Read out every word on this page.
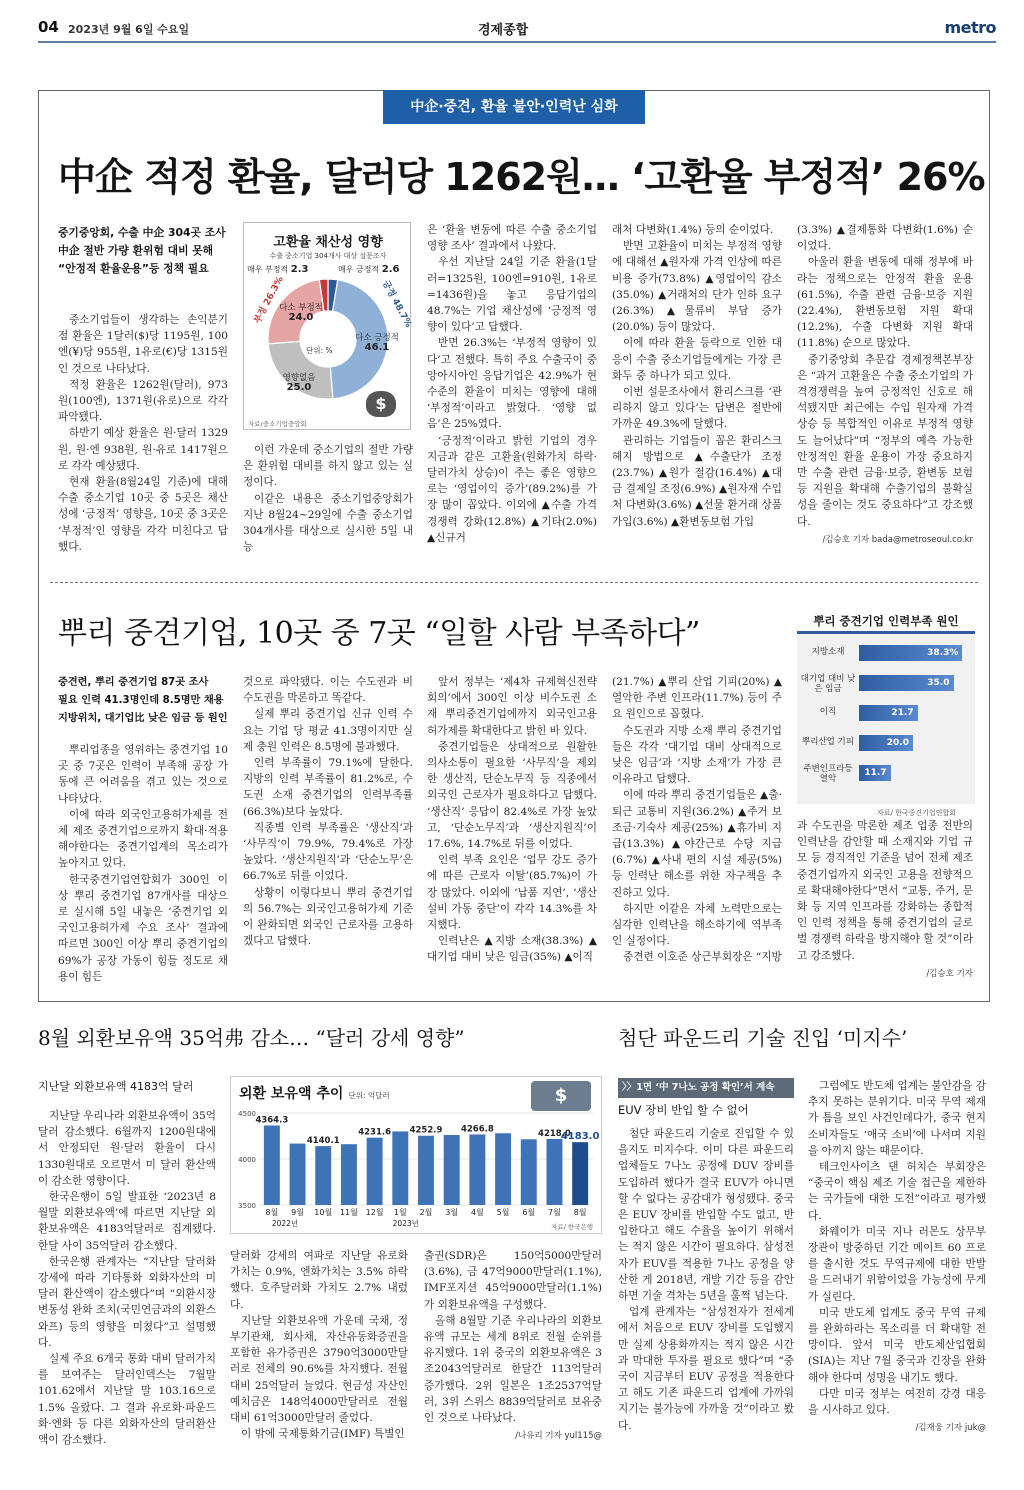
04 2023년 9월 6일 수요일	경제종합	metro
中企·중견, 환율 불안·인력난 심화
中企 적정 환율, 달러당 1262원… ‘고환율 부정적’ 26%
중기중앙회, 수출 中企 304곳 조사
中企 절반 가량 환위험 대비 못해
“안정적 환율운용”등 정책 필요

중소기업들이 생각하는 손익분기점 환율은 1달러($)당 1195원, 100엔(¥)당 955원, 1유로(€)당 1315원인 것으로 나타났다.

적정 환율은 1262원(달러), 973원(100엔), 1371원(유로)으로 각각 파악됐다.

하반기 예상 환율은 원·달러 1329원, 원·엔 938원, 원·유로 1417원으로 각각 예상됐다.

현재 환율(8월24일 기준)에 대해 수출 중소기업 10곳 중 5곳은 채산성에 ‘긍정적’ 영향을, 10곳 중 3곳은 ‘부정적’인 영향을 각각 미친다고 답했다.

고환율 채산성 영향
수출 중소기업 304개사 대상 설문조사
매우 부정적 2.3	매우 긍정적 2.6
다소 부정적
24.0
다소 긍정적
46.1
영향없음
25.0
단위: %
부정 26.3%	긍정 48.7%
$
자료/중소기업중앙회

이런 가운데 중소기업의 절반 가량은 환위험 대비를 하지 않고 있는 실정이다.

이같은 내용은 중소기업중앙회가 지난 8월24~29일에 수출 중소기업 304개사를 대상으로 실시한 5일 내능

은 ‘환율 변동에 따른 수출 중소기업 영향 조사’ 결과에서 나왔다.

우선 지난달 24일 기준 환율(1달러=1325원, 100엔=910원, 1유로=1436원)을 놓고 응답기업의 48.7%는 기업 채산성에 ‘긍정적 영향이 있다’고 답했다.

반면 26.3%는 ‘부정적 영향이 있다’고 전했다. 특히 주요 수출국이 중앙아시아인 응답기업은 42.9%가 현 수준의 환율이 미치는 영향에 대해 ‘부정적’이라고 밝혔다. ‘영향 없음’은 25%였다.

‘긍정적’이라고 밝힌 기업의 경우 지금과 같은 고환율(원화가치 하락·달러가치 상승)이 주는 좋은 영향으로는 ‘영업이익 증가’(89.2%)를 가장 많이 꼽았다. 이외에 ▲수출 가격경쟁력 강화(12.8%) ▲기타(2.0%) ▲신규거

래처 다변화(1.4%) 등의 순이었다.

반면 고환율이 미치는 부정적 영향에 대해선 ▲원자재 가격 인상에 따른 비용 증가(73.8%) ▲영업이익 감소(35.0%) ▲거래처의 단가 인하 요구(26.3%) ▲물류비 부담 증가(20.0%) 등이 많았다.

이에 따라 환율 등락으로 인한 대응이 수출 중소기업들에게는 가장 큰 화두 중 하나가 되고 있다.

이번 설문조사에서 환리스크를 ‘관리하지 않고 있다’는 답변은 절반에 가까운 49.3%에 달했다.

관리하는 기업들이 꼽은 환리스크 헤지 방법으로 ▲수출단가 조정(23.7%) ▲원가 절감(16.4%) ▲대금 결제일 조정(6.9%) ▲원자재 수입처 다변화(3.6%) ▲선물 환거래 상품 가입(3.6%) ▲환변동보험 가입

(3.3%) ▲결제통화 다변화(1.6%) 순이었다.

아울러 환율 변동에 대해 정부에 바라는 정책으로는 안정적 환율 운용(61.5%), 수출 관련 금융·보증 지원(22.4%), 환변동보험 지원 확대(12.2%), 수출 다변화 지원 확대(11.8%) 순으로 많았다.

중기중앙회 추문갑 경제정책본부장은 “과거 고환율은 수출 중소기업의 가격경쟁력을 높여 긍정적인 신호로 해석됐지만 최근에는 수입 원자재 가격 상승 등 복합적인 이유로 부정적 영향도 늘어났다”며 “정부의 예측 가능한 안정적인 환율 운용이 가장 중요하지만 수출 관련 금융·보증, 환변동 보험 등 지원을 확대해 수출기업의 불확실성을 줄이는 것도 중요하다”고 강조했다.

/김승호 기자 bada@metroseoul.co.kr
뿌리 중견기업, 10곳 중 7곳 “일할 사람 부족하다”
중견련, 뿌리 중견기업 87곳 조사
필요 인력 41.3명인데 8.5명만 채용
지방위치, 대기업比 낮은 임금 등 원인

뿌리업종을 영위하는 중견기업 10곳 중 7곳은 인력이 부족해 공장 가동에 큰 어려움을 겪고 있는 것으로 나타났다.

이에 따라 외국인고용허가제를 전체 제조 중견기업으로까지 확대·적용해야한다는 중견기업계의 목소리가 높아지고 있다.

한국중견기업연합회가 300인 이상 뿌리 중견기업 87개사를 대상으로 실시해 5일 내놓은 ‘중견기업 외국인고용허가제 수요 조사’ 결과에 따르면 300인 이상 뿌리 중견기업의 69%가 공장 가동이 힘들 정도로 채용이 힘든

것으로 파악됐다. 이는 수도권과 비수도권을 막론하고 똑같다.

실제 뿌리 중견기업 신규 인력 수요는 기업 당 평균 41.3명이지만 실제 충원 인력은 8.5명에 불과했다.

인력 부족률이 79.1%에 달한다. 지방의 인력 부족률이 81.2%로, 수도권 소재 중견기업의 인력부족률(66.3%)보다 높았다.

직종별 인력 부족률은 ‘생산직’과 ‘사무직’이 79.9%, 79.4%로 가장 높았다. ‘생산지원직’과 ‘단순노무’은 66.7%로 뒤를 이었다.

상황이 이렇다보니 뿌리 중견기업의 56.7%는 외국인고용허가제 기준이 완화되면 외국인 근로자를 고용하겠다고 답했다.

앞서 정부는 ‘제4차 규제혁신전략회의’에서 300인 이상 비수도권 소재 뿌리중견기업에까지 외국인고용허가제를 확대한다고 밝힌 바 있다.

중견기업들은 상대적으로 원활한 의사소통이 필요한 ‘사무직’을 제외한 생산직, 단순노무직 등 직종에서 외국인 근로자가 필요하다고 답했다. ‘생산직’ 응답이 82.4%로 가장 높았고, ‘단순노무직’과 ‘생산지원직’이 17.6%, 14.7%로 뒤를 이었다.

인력 부족 요인은 ‘업무 강도 증가에 따른 근로자 이탈’(85.7%)이 가장 많았다. 이외에 ‘납품 지연’, ‘생산 설비 가동 중단’이 각각 14.3%를 차지했다.

인력난은 ▲지방 소재(38.3%) ▲대기업 대비 낮은 임금(35%) ▲이직

(21.7%) ▲뿌리 산업 기피(20%) ▲열악한 주변 인프라(11.7%) 등이 주요 원인으로 꼽혔다.

수도권과 지방 소재 뿌리 중견기업들은 각각 ‘대기업 대비 상대적으로 낮은 임금’과 ‘지방 소재’가 가장 큰 이유라고 답했다.

이에 따라 뿌리 중견기업들은 ▲출·퇴근 교통비 지원(36.2%) ▲주거 보조금·기숙사 제공(25%) ▲휴가비 지급(13.3%) ▲야간근로 수당 지급(6.7%) ▲사내 편의 시설 제공(5%) 등 인력난 해소를 위한 자구책을 추진하고 있다.

하지만 이같은 자체 노력만으로는 심각한 인력난을 해소하기에 역부족인 실정이다.

중견련 이호준 상근부회장은 “지방

뿌리 중견기업 인력부족 원인
지방소재	38.3%
대기업 대비 낮은 임금
35.0
이직	21.7
뿌리산업 기피	20.0
주변인프라등 열악
11.7
자료/ 한국중견기업연합회

과 수도권을 막론한 제조 업종 전반의 인력난을 감안할 때 소재지와 기업 규모 등 경직적인 기준을 넘어 전체 제조 중견기업까지 외국인 고용을 전향적으로 확대해야한다”면서 “교통, 주거, 문화 등 지역 인프라를 강화하는 종합적인 인력 정책을 통해 중견기업의 글로벌 경쟁력 하락을 방지해야 할 것”이라고 강조했다.

/김승호 기자
8월 외환보유액 35억弗 감소… “달러 강세 영향”
지난달 외환보유액 4183억 달러

지난달 우리나라 외환보유액이 35억달러 감소했다. 6월까지 1200원대에서 안정되던 원·달러 환율이 다시 1330원대로 오르면서 미 달러 환산액이 감소한 영향이다.

한국은행이 5일 발표한 ‘2023년 8월말 외환보유액’에 따르면 지난달 외환보유액은 4183억달러로 집계됐다. 한달 사이 35억달러 감소했다.

한국은행 관계자는 “지난달 달러화 강세에 따라 기타통화 외화자산의 미 달러 환산액이 감소했다”며 “외환시장 변동성 완화 조치(국민연금과의 외환스와프) 등의 영향을 미쳤다”고 설명했다.

실제 주요 6개국 통화 대비 달러가치를 보여주는 달러인덱스는 7월말 101.62에서 지난달 말 103.16으로 1.5% 올랐다. 그 결과 유로화·파운드화·엔화 등 다른 외화자산의 달러환산액이 감소했다.

외환 보유액 추이 단위: 억달러	$
4500
4000
3500
4364.3
8월 9월
4140.1
10월 11월
4231.6
12월 1월
4252.9
2월 3월
4266.8
4월 5월 6월
4218.0
7월
4183.0
8월
2022년	2023년	자료/ 한국은행

달러화 강세의 여파로 지난달 유로화 가치는 0.9%, 엔화가치는 3.5% 하락했다. 호주달러화 가치도 2.7% 내렸다.

지난달 외환보유액 가운데 국채, 정부기관채, 회사채, 자산유동화증권을 포함한 유가증권은 3790억3000만달러로 전체의 90.6%를 차지했다. 전월 대비 25억달러 늘었다. 현금성 자산인 예치금은 148억4000만달러로 전월 대비 61억3000만달러 줄었다.

이 밖에 국제통화기금(IMF) 특별인

출권(SDR)은 150억5000만달러(3.6%), 금 47억9000만달러(1.1%), IMF포지션 45억9000만달러(1.1%)가 외환보유액을 구성했다.

올해 8월말 기준 우리나라의 외환보유액 규모는 세계 8위로 전월 순위를 유지했다. 1위 중국의 외환보유액은 3조2043억달러로 한달간 113억달러 증가했다. 2위 일본은 1조2537억달러, 3위 스위스 8839억달러로 보유중인 것으로 나타났다.

/나유리 기자 yul115@
첨단 파운드리 기술 진입 ‘미지수’
〉〉1면 ‘中 7나노 공정 확인’서 계속
EUV 장비 반입 할 수 없어

첨단 파운드리 기술로 진입할 수 있을지도 미지수다. 이미 다른 파운드리 업체들도 7나노 공정에 DUV 장비를 도입하려 했다가 결국 EUV가 아니면 할 수 없다는 공감대가 형성됐다. 중국은 EUV 장비를 반입할 수도 없고, 반입한다고 해도 수율을 높이기 위해서는 적지 않은 시간이 필요하다. 삼성전자가 EUV를 적용한 7나노 공정을 양산한 게 2018년, 개발 기간 등을 감안하면 기술 격차는 5년을 훌쩍 넘는다.

업계 관계자는 “삼성전자가 전세계에서 처음으로 EUV 장비를 도입했지만 실제 상용화까지는 적지 않은 시간과 막대한 투자를 필요로 했다”며 “중국이 지금부터 EUV 공정을 적용한다고 해도 기존 파운드리 업계에 가까워지기는 불가능에 가까울 것”이라고 봤다.

그럼에도 반도체 업계는 불안감을 감추지 못하는 분위기다. 미국 무역 제재가 틈을 보인 사건인데다가, 중국 현지 소비자들도 ‘애국 소비’에 나서며 지원을 아끼지 않는 때문이다.

테크인사이츠 댄 허치슨 부회장은 “중국이 핵심 제조 기술 접근을 제한하는 국가들에 대한 도전”이라고 평가했다.

화웨이가 미국 지나 러몬도 상무부 장관이 방중하던 기간 메이트 60 프로를 출시한 것도 무역규제에 대한 반발을 드러내기 위함이었을 가능성에 무게가 실린다.

미국 반도체 업계도 중국 무역 규제를 완화하라는 목소리를 더 확대할 전망이다. 앞서 미국 반도체산업협회(SIA)는 지난 7월 중국과 긴장을 완화해야 한다며 성명을 내기도 했다.

다만 미국 정부는 여전히 강경 대응을 시사하고 있다.

/김재웅 기자 juk@
